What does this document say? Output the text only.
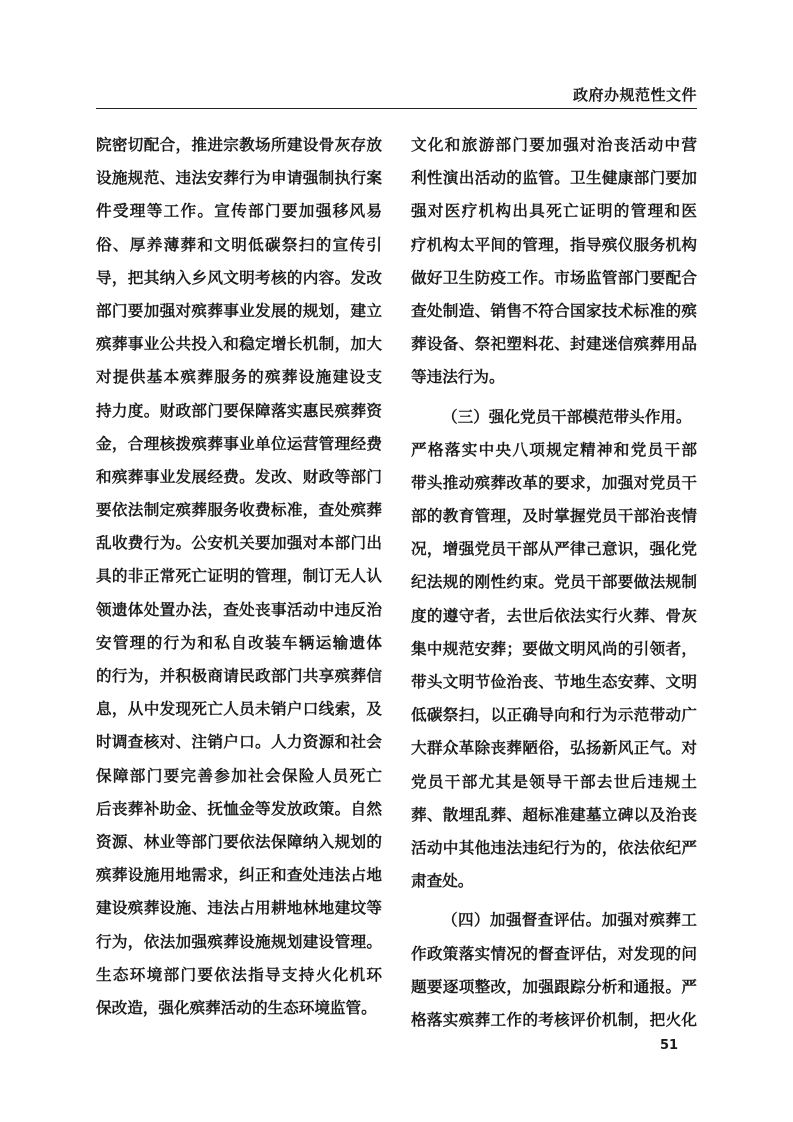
政府办规范性文件
院密切配合，推进宗教场所建设骨灰存放
设施规范、违法安葬行为申请强制执行案
件受理等工作。宣传部门要加强移风易
俗、厚养薄葬和文明低碳祭扫的宣传引
导，把其纳入乡风文明考核的内容。发改
部门要加强对殡葬事业发展的规划，建立
殡葬事业公共投入和稳定增长机制，加大
对提供基本殡葬服务的殡葬设施建设支
持力度。财政部门要保障落实惠民殡葬资
金，合理核拨殡葬事业单位运营管理经费
和殡葬事业发展经费。发改、财政等部门
要依法制定殡葬服务收费标准，查处殡葬
乱收费行为。公安机关要加强对本部门出
具的非正常死亡证明的管理，制订无人认
领遗体处置办法，查处丧事活动中违反治
安管理的行为和私自改装车辆运输遗体
的行为，并积极商请民政部门共享殡葬信
息，从中发现死亡人员未销户口线索，及
时调查核对、注销户口。人力资源和社会
保障部门要完善参加社会保险人员死亡
后丧葬补助金、抚恤金等发放政策。自然
资源、林业等部门要依法保障纳入规划的
殡葬设施用地需求，纠正和查处违法占地
建设殡葬设施、违法占用耕地林地建坟等
行为，依法加强殡葬设施规划建设管理。
生态环境部门要依法指导支持火化机环
保改造，强化殡葬活动的生态环境监管。
文化和旅游部门要加强对治丧活动中营
利性演出活动的监管。卫生健康部门要加
强对医疗机构出具死亡证明的管理和医
疗机构太平间的管理，指导殡仪服务机构
做好卫生防疫工作。市场监管部门要配合
查处制造、销售不符合国家技术标准的殡
葬设备、祭祀塑料花、封建迷信殡葬用品
等违法行为。
（三）强化党员干部模范带头作用。
严格落实中央八项规定精神和党员干部
带头推动殡葬改革的要求，加强对党员干
部的教育管理，及时掌握党员干部治丧情
况，增强党员干部从严律己意识，强化党
纪法规的刚性约束。党员干部要做法规制
度的遵守者，去世后依法实行火葬、骨灰
集中规范安葬；要做文明风尚的引领者，
带头文明节俭治丧、节地生态安葬、文明
低碳祭扫，以正确导向和行为示范带动广
大群众革除丧葬陋俗，弘扬新风正气。对
党员干部尤其是领导干部去世后违规土
葬、散埋乱葬、超标准建墓立碑以及治丧
活动中其他违法违纪行为的，依法依纪严
肃查处。
（四）加强督查评估。加强对殡葬工
作政策落实情况的督查评估，对发现的问
题要逐项整改，加强跟踪分析和通报。严
格落实殡葬工作的考核评价机制，把火化
51
